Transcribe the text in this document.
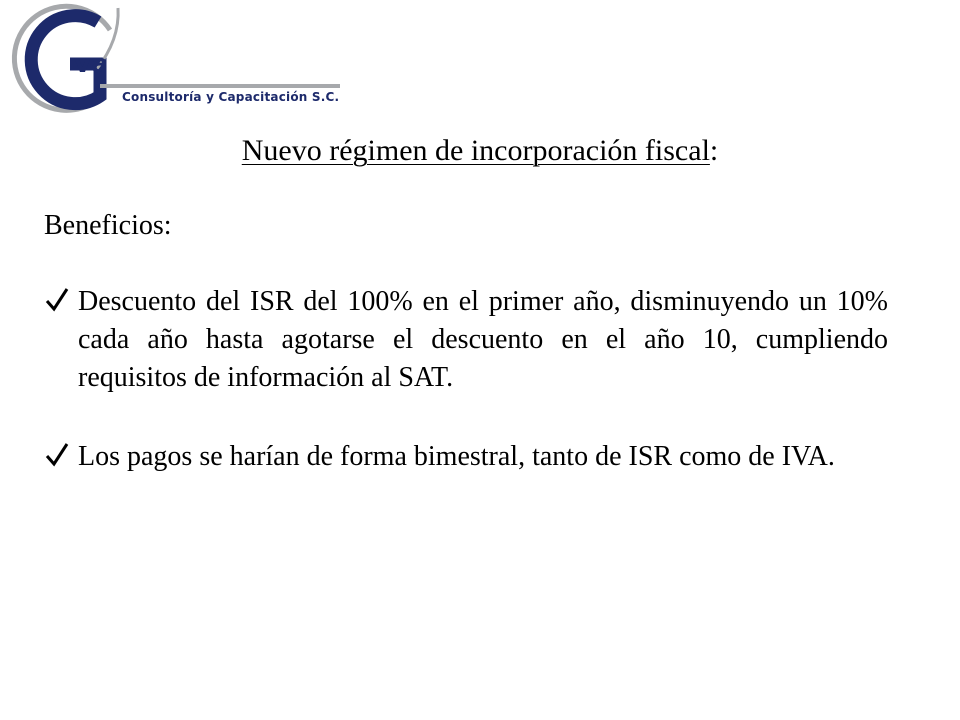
va
Consultoría y Capacitación S.C.
Nuevo régimen de incorporación fiscal:
Beneficios:
Descuento del ISR del 100% en el primer año, disminuyendo un 10% cada año hasta agotarse el descuento en el año 10, cumpliendo requisitos de información al SAT.
Los pagos se harían de forma bimestral, tanto de ISR como de IVA.
